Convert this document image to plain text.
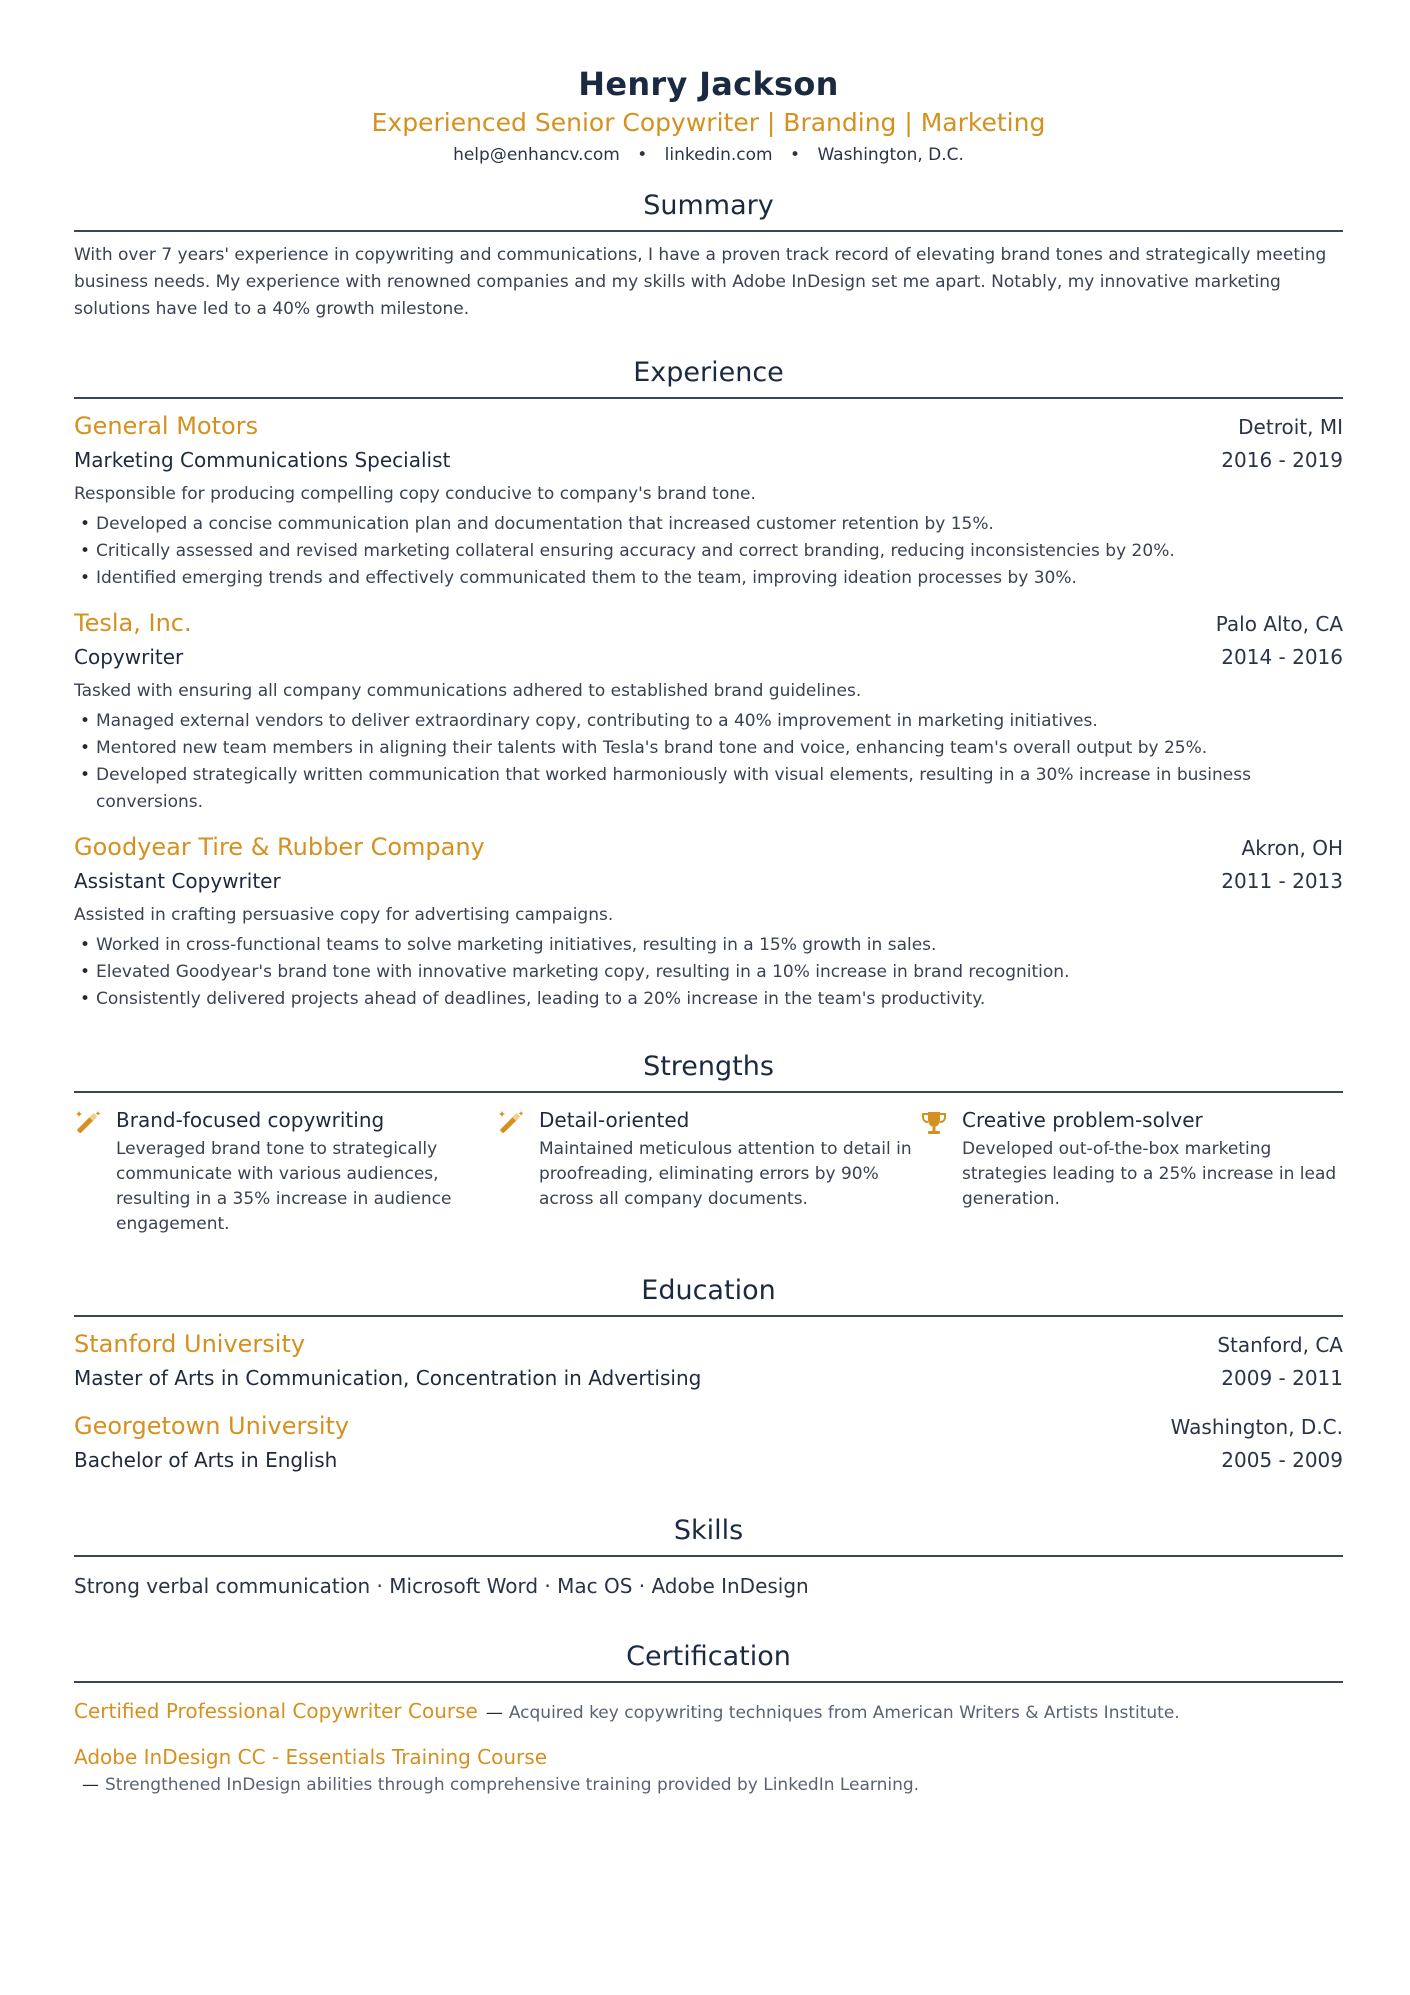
Henry Jackson
Experienced Senior Copywriter | Branding | Marketing
help@enhancv.com • linkedin.com • Washington, D.C.
Summary
With over 7 years' experience in copywriting and communications, I have a proven track record of elevating brand tones and strategically meeting business needs. My experience with renowned companies and my skills with Adobe InDesign set me apart. Notably, my innovative marketing solutions have led to a 40% growth milestone.
Experience
General Motors	Detroit, MI
Marketing Communications Specialist	2016 - 2019
Responsible for producing compelling copy conducive to company's brand tone.
• Developed a concise communication plan and documentation that increased customer retention by 15%.
• Critically assessed and revised marketing collateral ensuring accuracy and correct branding, reducing inconsistencies by 20%.
• Identified emerging trends and effectively communicated them to the team, improving ideation processes by 30%.
Tesla, Inc.	Palo Alto, CA
Copywriter	2014 - 2016
Tasked with ensuring all company communications adhered to established brand guidelines.
• Managed external vendors to deliver extraordinary copy, contributing to a 40% improvement in marketing initiatives.
• Mentored new team members in aligning their talents with Tesla's brand tone and voice, enhancing team's overall output by 25%.
• Developed strategically written communication that worked harmoniously with visual elements, resulting in a 30% increase in business conversions.
Goodyear Tire & Rubber Company	Akron, OH
Assistant Copywriter	2011 - 2013
Assisted in crafting persuasive copy for advertising campaigns.
• Worked in cross-functional teams to solve marketing initiatives, resulting in a 15% growth in sales.
• Elevated Goodyear's brand tone with innovative marketing copy, resulting in a 10% increase in brand recognition.
• Consistently delivered projects ahead of deadlines, leading to a 20% increase in the team's productivity.
Strengths
Brand-focused copywriting
Leveraged brand tone to strategically communicate with various audiences, resulting in a 35% increase in audience engagement.
Detail-oriented
Maintained meticulous attention to detail in proofreading, eliminating errors by 90% across all company documents.
Creative problem-solver
Developed out-of-the-box marketing strategies leading to a 25% increase in lead generation.
Education
Stanford University	Stanford, CA
Master of Arts in Communication, Concentration in Advertising	2009 - 2011
Georgetown University	Washington, D.C.
Bachelor of Arts in English	2005 - 2009
Skills
Strong verbal communication · Microsoft Word · Mac OS · Adobe InDesign
Certification
Certified Professional Copywriter Course — Acquired key copywriting techniques from American Writers & Artists Institute.
Adobe InDesign CC - Essentials Training Course
— Strengthened InDesign abilities through comprehensive training provided by LinkedIn Learning.
